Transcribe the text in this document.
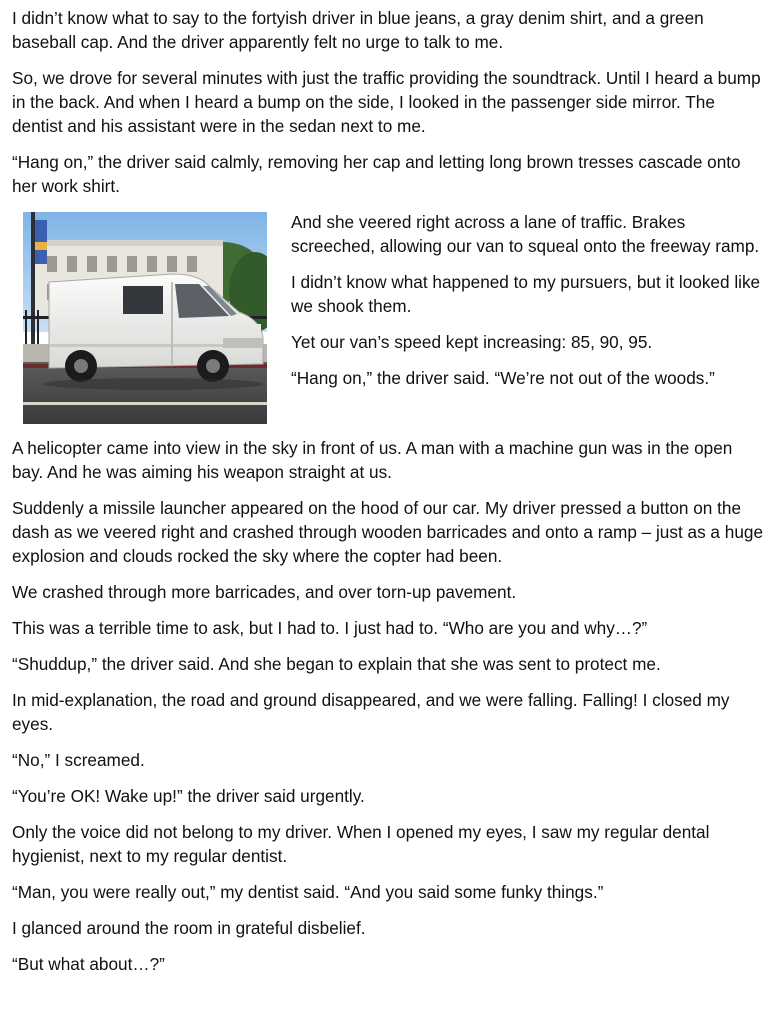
I didn’t know what to say to the fortyish driver in blue jeans, a gray denim shirt, and a green baseball cap. And the driver apparently felt no urge to talk to me.

So, we drove for several minutes with just the traffic providing the soundtrack. Until I heard a bump in the back. And when I heard a bump on the side, I looked in the passenger side mirror. The dentist and his assistant were in the sedan next to me.

“Hang on,” the driver said calmly, removing her cap and letting long brown tresses cascade onto her work shirt.

And she veered right across a lane of traffic. Brakes screeched, allowing our van to squeal onto the freeway ramp.

I didn’t know what happened to my pursuers, but it looked like we shook them.

Yet our van’s speed kept increasing: 85, 90, 95.

“Hang on,” the driver said. “We’re not out of the woods.”

A helicopter came into view in the sky in front of us. A man with a machine gun was in the open bay. And he was aiming his weapon straight at us.

Suddenly a missile launcher appeared on the hood of our car. My driver pressed a button on the dash as we veered right and crashed through wooden barricades and onto a ramp – just as a huge explosion and clouds rocked the sky where the copter had been.

We crashed through more barricades, and over torn-up pavement.

This was a terrible time to ask, but I had to. I just had to. “Who are you and why…?”

“Shuddup,” the driver said. And she began to explain that she was sent to protect me.

In mid-explanation, the road and ground disappeared, and we were falling. Falling! I closed my eyes.

“No,” I screamed.

“You’re OK! Wake up!” the driver said urgently.

Only the voice did not belong to my driver. When I opened my eyes, I saw my regular dental hygienist, next to my regular dentist.

“Man, you were really out,” my dentist said. “And you said some funky things.”

I glanced around the room in grateful disbelief.

“But what about…?”
